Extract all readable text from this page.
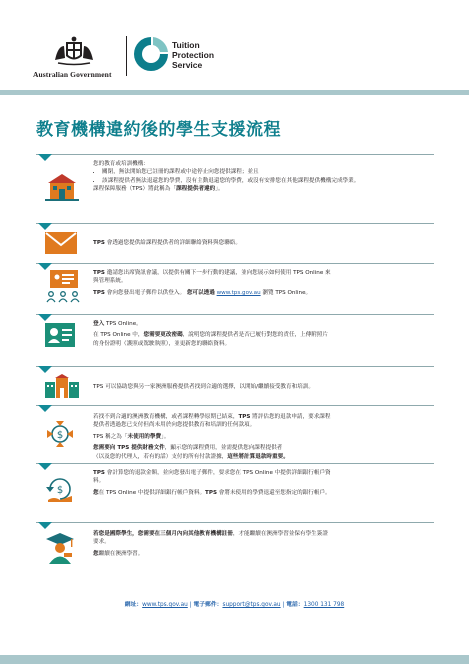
Australian Government
Tuition
Protection
Service
教育機構違約後的學生支援流程

您的教育或培訓機構：

• 關閉，無法開始您已註冊的課程或中途停止向您提供課程；並且
• 該課程提供者無法退還您的學費，沒有主動退還您的學費，或沒有安排您在其他課程提供機構完成學業。

課程保障服務（TPS）將此稱為「課程提供者違約」。

TPS 會透過您提供給課程提供者的詳細聯絡資料與您聯絡。

TPS 邀請您出席資訊會議，以提供有關下一步行動的建議，並向您展示如何使用 TPS Online 來
與管理系統。

TPS 會向您發出電子郵件以供登入。 您可以透過 www.tps.gov.au 瀏覽 TPS Online。

登入 TPS Online。

在 TPS Online 中，您需要更改密碼，說明您的課程提供者是否已履行對您的責任，上傳附照片
的身份證明（護照或駕駛執照），並更新您的聯絡資料。

TPS 可以協助您與另一家澳洲服務提供者找到合適的選擇，以開始/繼續接受教育和培訓。

$

若找不到合適的澳洲教育機構，或者課程轉學原期已結束，TPS 將評估您的退款申請，要求課程
提供者透過您已支付但尚未用於向您提供教育和培訓的任何款項。

TPS 稱之為「未使用的學費」。

您需要向 TPS 提供財務文件，顯示您的課程費用，並需提供您向課程提供者
（以及您的代理人，若有的話）支付的所有付款證據，這些將計算退款時重要。

$

TPS 會計算您的退款金額，並向您發出電子郵件，要求您在 TPS Online 中提供詳細銀行帳戶資
料。

您在 TPS Online 中提供詳細銀行帳戶資料。TPS 會將未使用的學費退還至您指定的銀行帳戶。

若您是國際學生，您需要在三個月內向其他教育機構註冊，才能繼續在澳洲學習並保有學生簽證
要求。

您繼續在澳洲學習。

網址：www.tps.gov.au | 電子郵件：support@tps.gov.au | 電話：1300 131 798
